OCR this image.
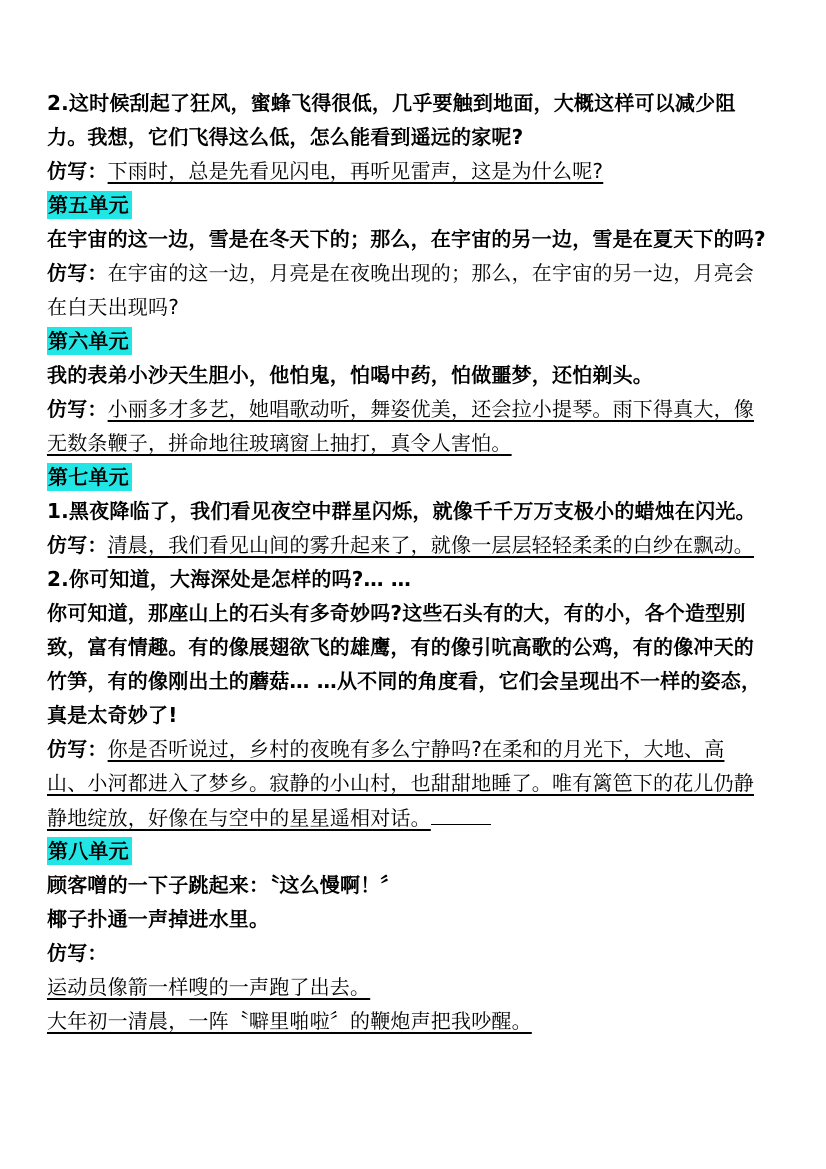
2.这时候刮起了狂风，蜜蜂飞得很低，几乎要触到地面，大概这样可以减少阻
力。我想，它们飞得这么低，怎么能看到遥远的家呢?
仿写：下雨时，总是先看见闪电，再听见雷声，这是为什么呢?
第五单元
在宇宙的这一边，雪是在冬天下的；那么，在宇宙的另一边，雪是在夏天下的吗?
仿写：在宇宙的这一边，月亮是在夜晚出现的；那么，在宇宙的另一边，月亮会
在白天出现吗?
第六单元
我的表弟小沙天生胆小，他怕鬼，怕喝中药，怕做噩梦，还怕剃头。
仿写：小丽多才多艺，她唱歌动听，舞姿优美，还会拉小提琴。雨下得真大，像
无数条鞭子，拼命地往玻璃窗上抽打，真令人害怕。
第七单元
1.黑夜降临了，我们看见夜空中群星闪烁，就像千千万万支极小的蜡烛在闪光。
仿写：清晨，我们看见山间的雾升起来了，就像一层层轻轻柔柔的白纱在飘动。
2.你可知道，大海深处是怎样的吗?… …
你可知道，那座山上的石头有多奇妙吗?这些石头有的大，有的小，各个造型别
致，富有情趣。有的像展翅欲飞的雄鹰，有的像引吭高歌的公鸡，有的像冲天的
竹笋，有的像刚出土的蘑菇… …从不同的角度看，它们会呈现出不一样的姿态，
真是太奇妙了!
仿写：你是否听说过，乡村的夜晚有多么宁静吗?在柔和的月光下，大地、高
山、小河都进入了梦乡。寂静的小山村，也甜甜地睡了。唯有篱笆下的花儿仍静
静地绽放，好像在与空中的星星遥相对话。
第八单元
顾客噌的一下子跳起来：〝这么慢啊！〞
椰子扑通一声掉进水里。
仿写：
运动员像箭一样嗖的一声跑了出去。
大年初一清晨，一阵〝噼里啪啦〞的鞭炮声把我吵醒。
